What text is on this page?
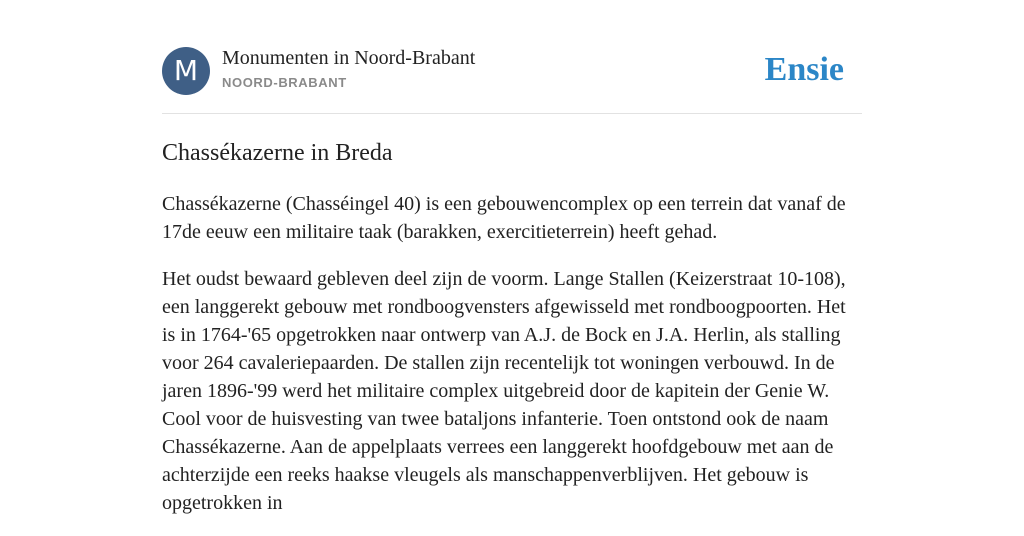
M	Monumenten in Noord-Brabant
NOORD-BRABANT	Ensie
Chassékazerne in Breda

Chassékazerne (Chasséingel 40) is een gebouwencomplex op een terrein dat vanaf de 17de eeuw een militaire taak (barakken, exercitieterrein) heeft gehad.

Het oudst bewaard gebleven deel zijn de voorm. Lange Stallen (Keizerstraat 10-108), een langgerekt gebouw met rondboogvensters afgewisseld met rondboogpoorten. Het is in 1764-'65 opgetrokken naar ontwerp van A.J. de Bock en J.A. Herlin, als stalling voor 264 cavaleriepaarden. De stallen zijn recentelijk tot woningen verbouwd. In de jaren 1896-'99 werd het militaire complex uitgebreid door de kapitein der Genie W. Cool voor de huisvesting van twee bataljons infanterie. Toen ontstond ook de naam Chassékazerne. Aan de appelplaats verrees een langgerekt hoofdgebouw met aan de achterzijde een reeks haakse vleugels als manschappenverblijven. Het gebouw is opgetrokken in
